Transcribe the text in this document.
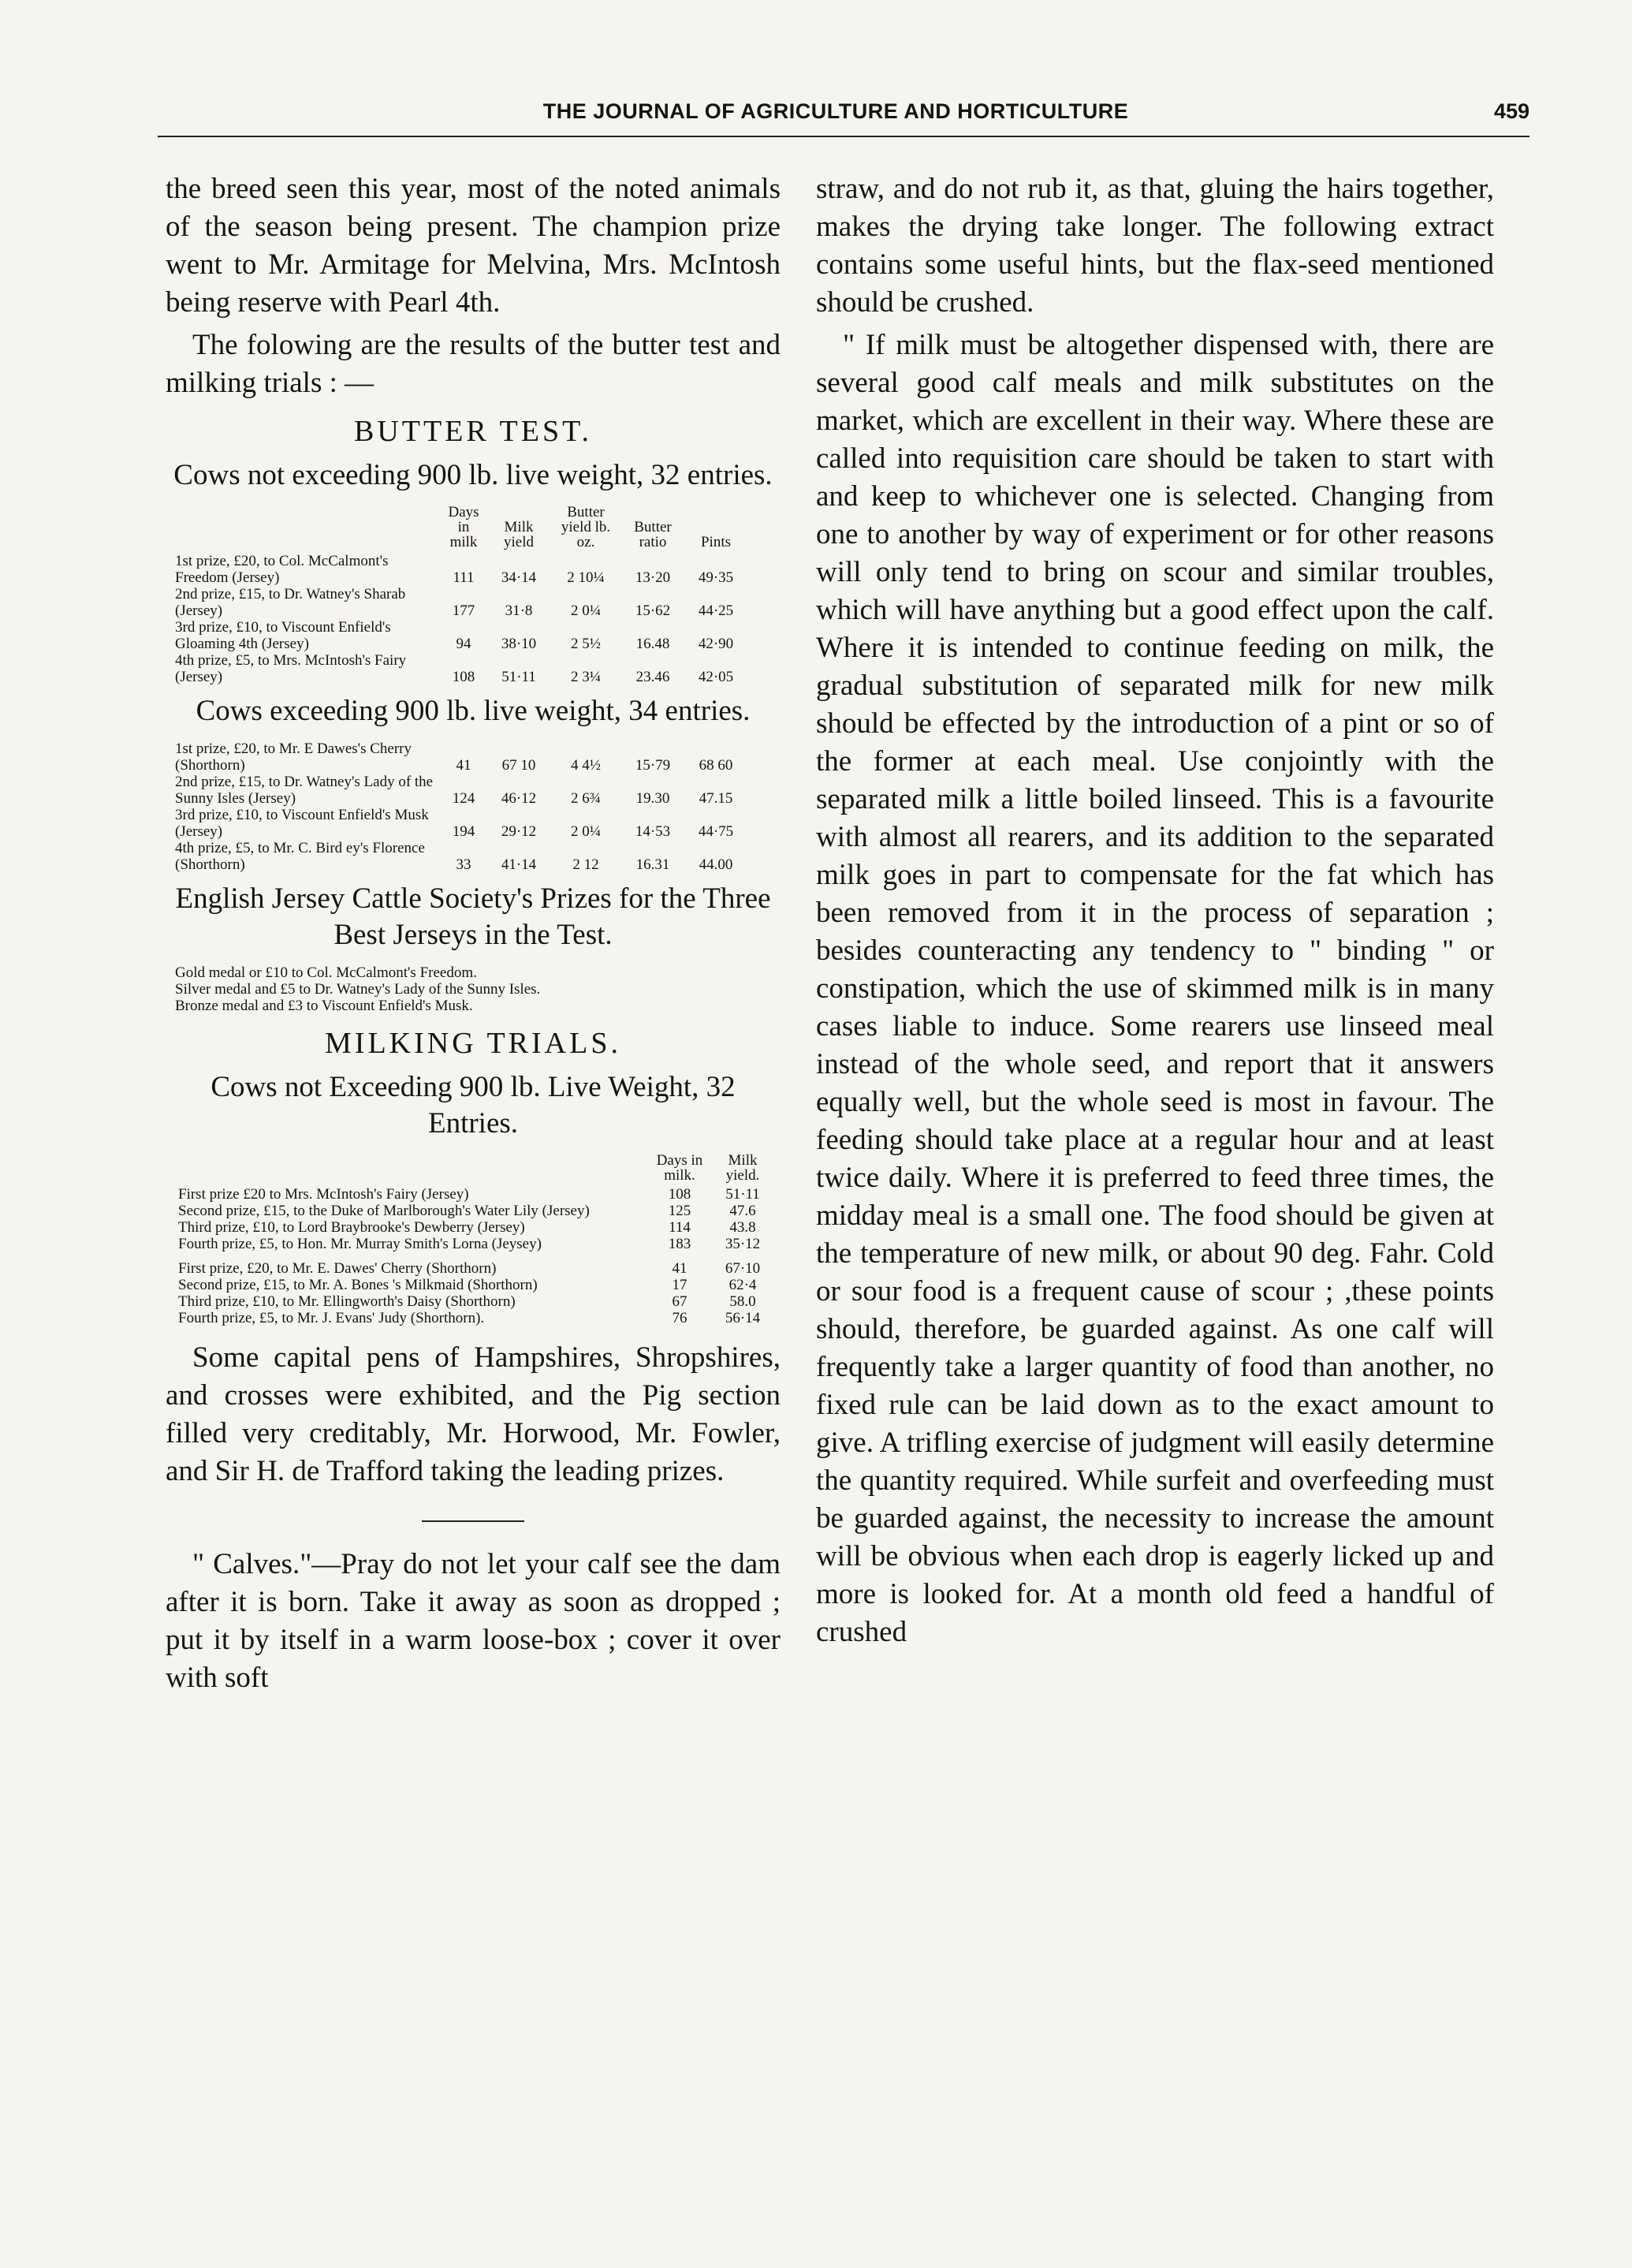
THE JOURNAL OF AGRICULTURE AND HORTICULTURE	459

the breed seen this year, most of the noted animals of the season being present. The champion prize went to Mr. Armitage for Melvina, Mrs. McIntosh being reserve with Pearl 4th.

The folowing are the results of the butter test and milking trials : —

BUTTER TEST.
Cows not exceeding 900 lb. live weight, 32 entries.
	Days in milk	Milk yield	Butter yield lb. oz.	Butter ratio	Pints
1st prize, £20, to Col. McCalmont's Freedom (Jersey)	111	34·14	2 10¼	13·20	49·35
2nd prize, £15, to Dr. Watney's Sharab (Jersey)	177	31·8	2 0¼	15·62	44·25
3rd prize, £10, to Viscount Enfield's Gloaming 4th (Jersey)	94	38·10	2 5½	16.48	42·90
4th prize, £5, to Mrs. McIntosh's Fairy (Jersey)	108	51·11	2 3¼	23.46	42·05
Cows exceeding 900 lb. live weight, 34 entries.
1st prize, £20, to Mr. E Dawes's Cherry (Shorthorn)	41	67 10	4 4½	15·79	68 60
2nd prize, £15, to Dr. Watney's Lady of the Sunny Isles (Jersey)	124	46·12	2 6¾	19.30	47.15
3rd prize, £10, to Viscount Enfield's Musk (Jersey)	194	29·12	2 0¼	14·53	44·75
4th prize, £5, to Mr. C. Bird ey's Florence (Shorthorn)	33	41·14	2 12	16.31	44.00
English Jersey Cattle Society's Prizes for the Three Best Jerseys in the Test.
Gold medal or £10 to Col. McCalmont's Freedom.
Silver medal and £5 to Dr. Watney's Lady of the Sunny Isles.
Bronze medal and £3 to Viscount Enfield's Musk.
MILKING TRIALS.
Cows not Exceeding 900 lb. Live Weight, 32 Entries.
	Days in milk.	Milk yield.
First prize £20 to Mrs. McIntosh's Fairy (Jersey)	108	51·11
Second prize, £15, to the Duke of Marlborough's Water Lily (Jersey)	125	47.6
Third prize, £10, to Lord Braybrooke's Dewberry (Jersey)	114	43.8
Fourth prize, £5, to Hon. Mr. Murray Smith's Lorna (Jeysey)	183	35·12
First prize, £20, to Mr. E. Dawes' Cherry (Shorthorn)	41	67·10
Second prize, £15, to Mr. A. Bones 's Milkmaid (Shorthorn)	17	62·4
Third prize, £10, to Mr. Ellingworth's Daisy (Shorthorn)	67	58.0
Fourth prize, £5, to Mr. J. Evans' Judy (Shorthorn).	76	56·14

Some capital pens of Hampshires, Shropshires, and crosses were exhibited, and the Pig section filled very creditably, Mr. Horwood, Mr. Fowler, and Sir H. de Trafford taking the leading prizes.

" Calves."—Pray do not let your calf see the dam after it is born. Take it away as soon as dropped ; put it by itself in a warm loose-box ; cover it over with soft

straw, and do not rub it, as that, gluing the hairs together, makes the drying take longer. The following extract contains some useful hints, but the flax-seed mentioned should be crushed.

" If milk must be altogether dispensed with, there are several good calf meals and milk substitutes on the market, which are excellent in their way. Where these are called into requisition care should be taken to start with and keep to whichever one is selected. Changing from one to another by way of experiment or for other reasons will only tend to bring on scour and similar troubles, which will have anything but a good effect upon the calf. Where it is intended to continue feeding on milk, the gradual substitution of separated milk for new milk should be effected by the introduction of a pint or so of the former at each meal. Use conjointly with the separated milk a little boiled linseed. This is a favourite with almost all rearers, and its addition to the separated milk goes in part to compensate for the fat which has been removed from it in the process of separation ; besides counteracting any tendency to " binding " or constipation, which the use of skimmed milk is in many cases liable to induce. Some rearers use linseed meal instead of the whole seed, and report that it answers equally well, but the whole seed is most in favour. The feeding should take place at a regular hour and at least twice daily. Where it is preferred to feed three times, the midday meal is a small one. The food should be given at the temperature of new milk, or about 90 deg. Fahr. Cold or sour food is a frequent cause of scour ; ,these points should, therefore, be guarded against. As one calf will frequently take a larger quantity of food than another, no fixed rule can be laid down as to the exact amount to give. A trifling exercise of judgment will easily determine the quantity required. While surfeit and overfeeding must be guarded against, the necessity to increase the amount will be obvious when each drop is eagerly licked up and more is looked for. At a month old feed a handful of crushed
